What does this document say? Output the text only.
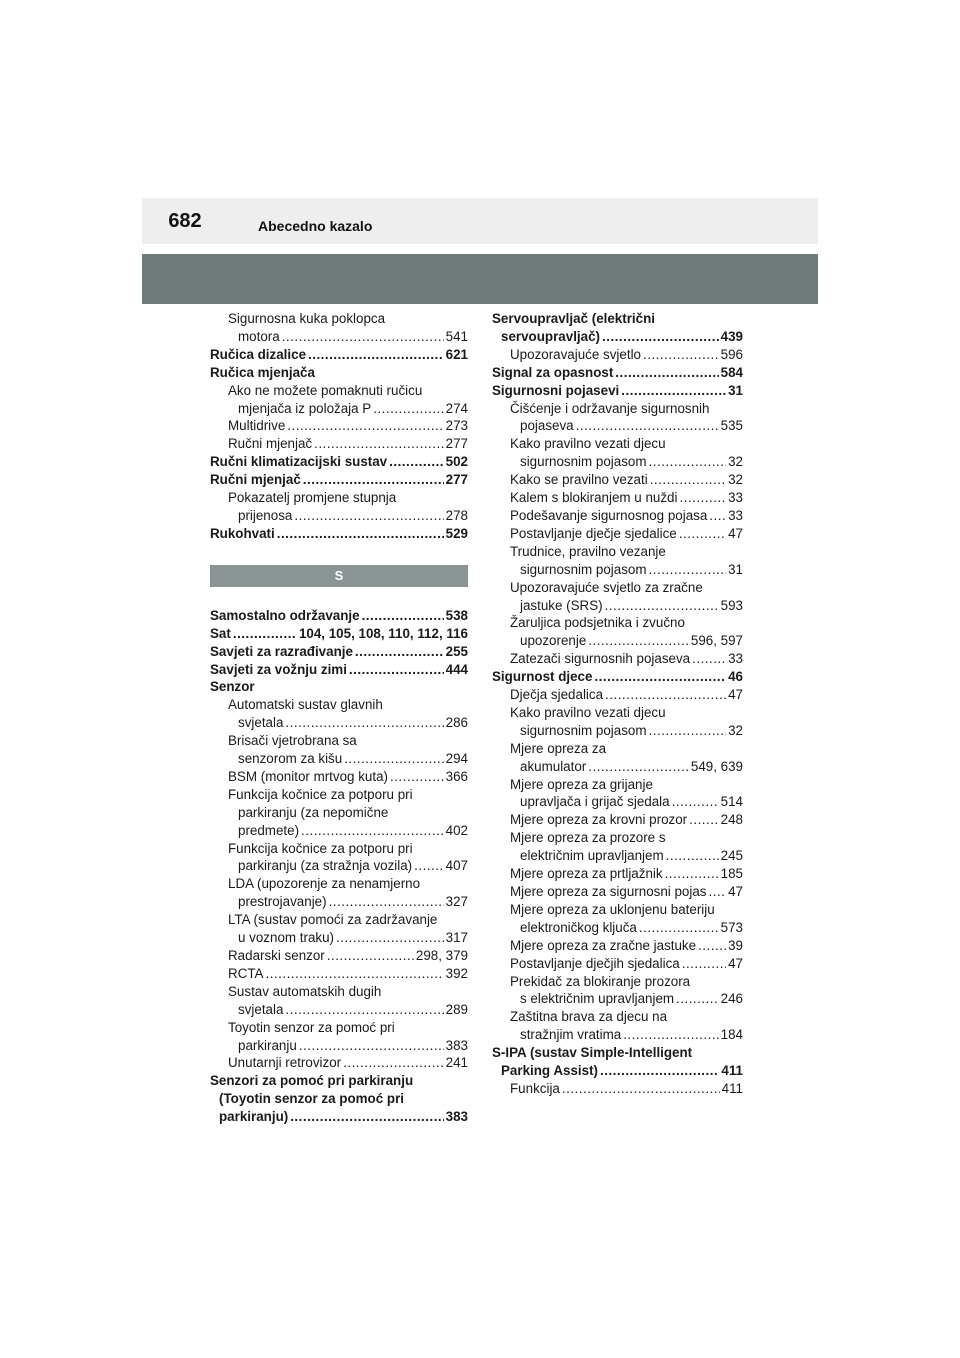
682	Abecedno kazalo
Sigurnosna kuka poklopca
motora .....	541
Ručica dizalice .....	621
Ručica mjenjača
Ako ne možete pomaknuti ručicu
mjenjača iz položaja P .....	274
Multidrive .....	273
Ručni mjenjač .....	277
Ručni klimatizacijski sustav .....	502
Ručni mjenjač .....	277
Pokazatelj promjene stupnja
prijenosa .....	278
Rukohvati .....	529
S
Samostalno održavanje .....	538
Sat .....	104, 105, 108, 110, 112, 116
Savjeti za razrađivanje .....	255
Savjeti za vožnju zimi .....	444
Senzor
Automatski sustav glavnih
svjetala .....	286
Brisači vjetrobrana sa
senzorom za kišu .....	294
BSM (monitor mrtvog kuta) .....	366
Funkcija kočnice za potporu pri
parkiranju (za nepomične
predmete) .....	402
Funkcija kočnice za potporu pri
parkiranju (za stražnja vozila) .....	407
LDA (upozorenje za nenamjerno
prestrojavanje) .....	327
LTA (sustav pomoći za zadržavanje
u voznom traku) .....	317
Radarski senzor .....	298, 379
RCTA .....	392
Sustav automatskih dugih
svjetala .....	289
Toyotin senzor za pomoć pri
parkiranju .....	383
Unutarnji retrovizor .....	241
Senzori za pomoć pri parkiranju
(Toyotin senzor za pomoć pri
parkiranju) .....	383
Servoupravljač (električni
servoupravljač) .....	439
Upozoravajuće svjetlo .....	596
Signal za opasnost .....	584
Sigurnosni pojasevi .....	31
Čišćenje i održavanje sigurnosnih
pojaseva .....	535
Kako pravilno vezati djecu
sigurnosnim pojasom .....	32
Kako se pravilno vezati .....	32
Kalem s blokiranjem u nuždi .....	33
Podešavanje sigurnosnog pojasa ..... 33
Postavljanje dječje sjedalice .....	47
Trudnice, pravilno vezanje
sigurnosnim pojasom .....	31
Upozoravajuće svjetlo za zračne
jastuke (SRS) .....	593
Žaruljica podsjetnika i zvučno
upozorenje .....	596, 597
Zatezači sigurnosnih pojaseva .....	33
Sigurnost djece .....	46
Dječja sjedalica .....	47
Kako pravilno vezati djecu
sigurnosnim pojasom .....	32
Mjere opreza za
akumulator .....	549, 639
Mjere opreza za grijanje
upravljača i grijač sjedala .....	514
Mjere opreza za krovni prozor .....	248
Mjere opreza za prozore s
električnim upravljanjem .....	245
Mjere opreza za prtljažnik .....	185
Mjere opreza za sigurnosni pojas ..... 47
Mjere opreza za uklonjenu bateriju
elektroničkog ključa .....	573
Mjere opreza za zračne jastuke ..... 39
Postavljanje dječjih sjedalica .....	47
Prekidač za blokiranje prozora
s električnim upravljanjem .....	246
Zaštitna brava za djecu na
stražnjim vratima .....	184
S-IPA (sustav Simple-Intelligent
Parking Assist) .....	411
Funkcija .....	411
